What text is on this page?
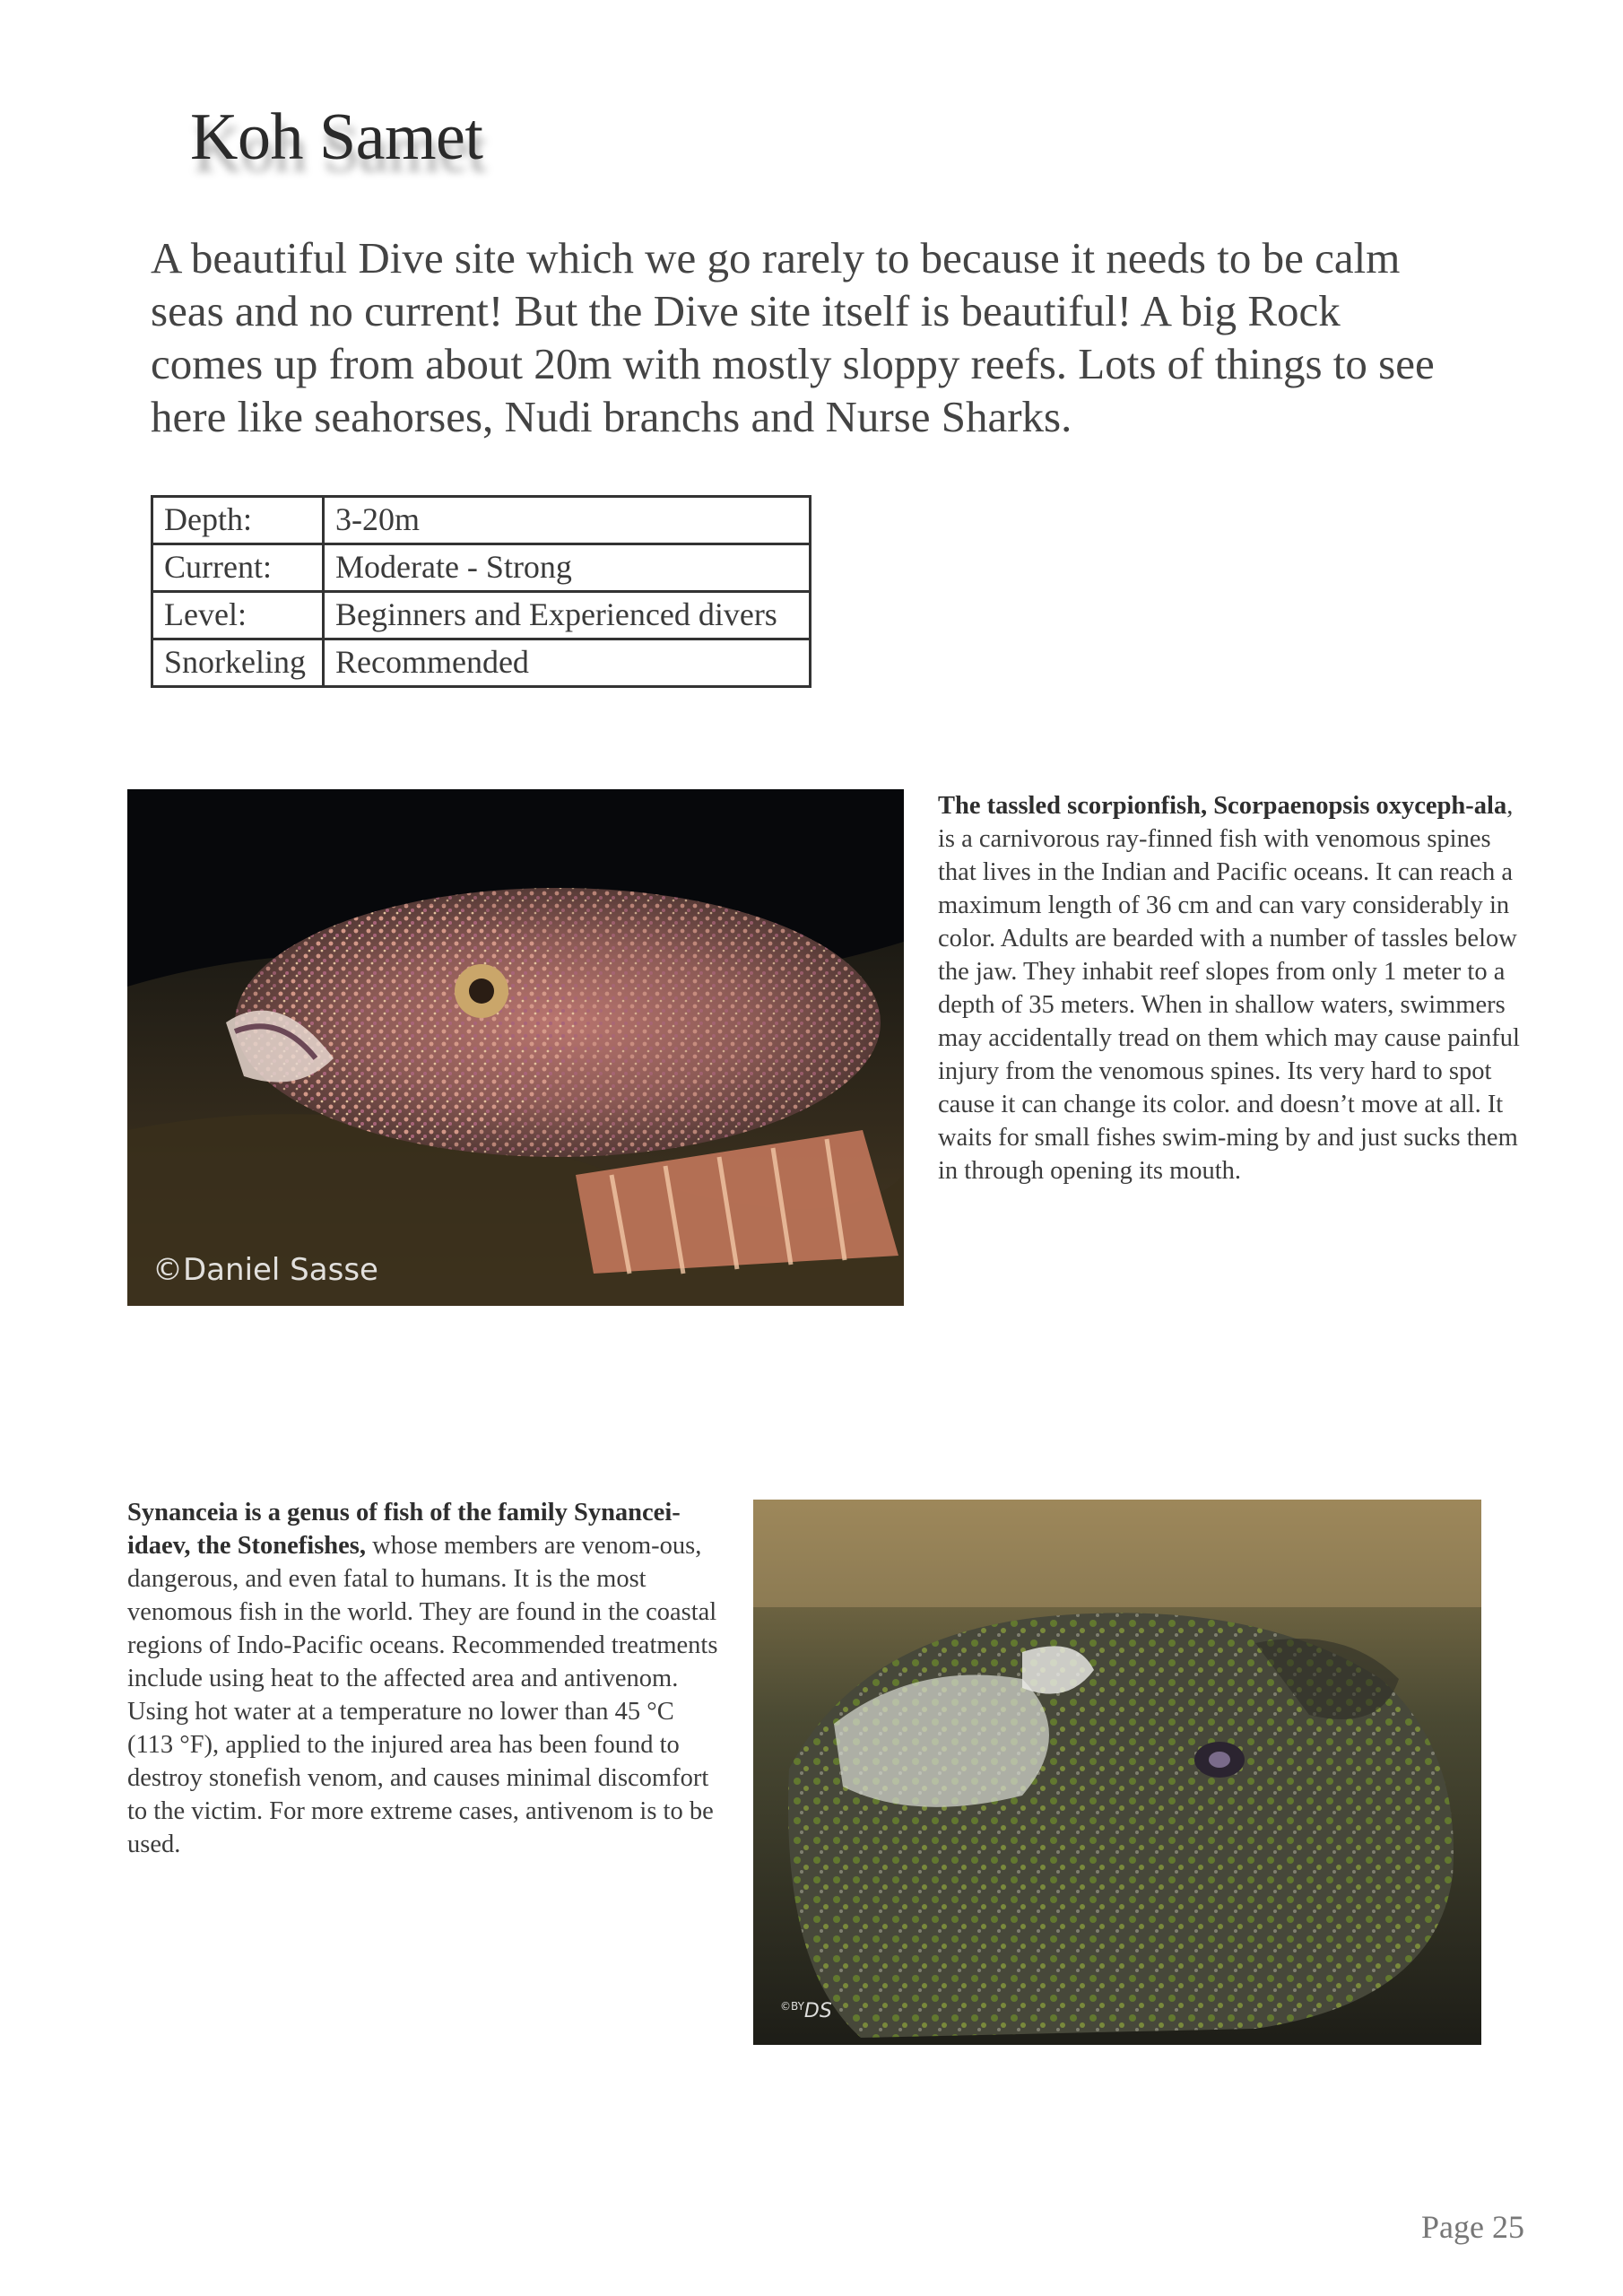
Koh Samet
A beautiful Dive site which we go rarely to because it needs to be calm seas and no current! But the Dive site itself is beautiful! A big Rock comes up from about 20m with mostly sloppy reefs. Lots of things to see here like seahorses, Nudi branchs and Nurse Sharks.
Depth:	3-20m
Current:	Moderate - Strong
Level:	Beginners and Experienced divers
Snorkeling	Recommended
©Daniel Sasse
The tassled scorpionfish, Scorpaenopsis oxyceph-ala, is a carnivorous ray-finned fish with venomous spines that lives in the Indian and Pacific oceans. It can reach a maximum length of 36 cm and can vary considerably in color. Adults are bearded with a number of tassles below the jaw. They inhabit reef slopes from only 1 meter to a depth of 35 meters. When in shallow waters, swimmers may accidentally tread on them which may cause painful injury from the venomous spines. Its very hard to spot cause it can change its color. and doesn’t move at all. It waits for small fishes swim-ming by and just sucks them in through opening its mouth.
Synanceia is a genus of fish of the family Synancei-idaev, the Stonefishes, whose members are venom-ous, dangerous, and even fatal to humans. It is the most venomous fish in the world. They are found in the coastal regions of Indo-Pacific oceans. Recommended treatments include using heat to the affected area and antivenom. Using hot water at a temperature no lower than 45 °C (113 °F), applied to the injured area has been found to destroy stonefish venom, and causes minimal discomfort to the victim. For more extreme cases, antivenom is to be used.
$^{©BY}$DS
Page 25
